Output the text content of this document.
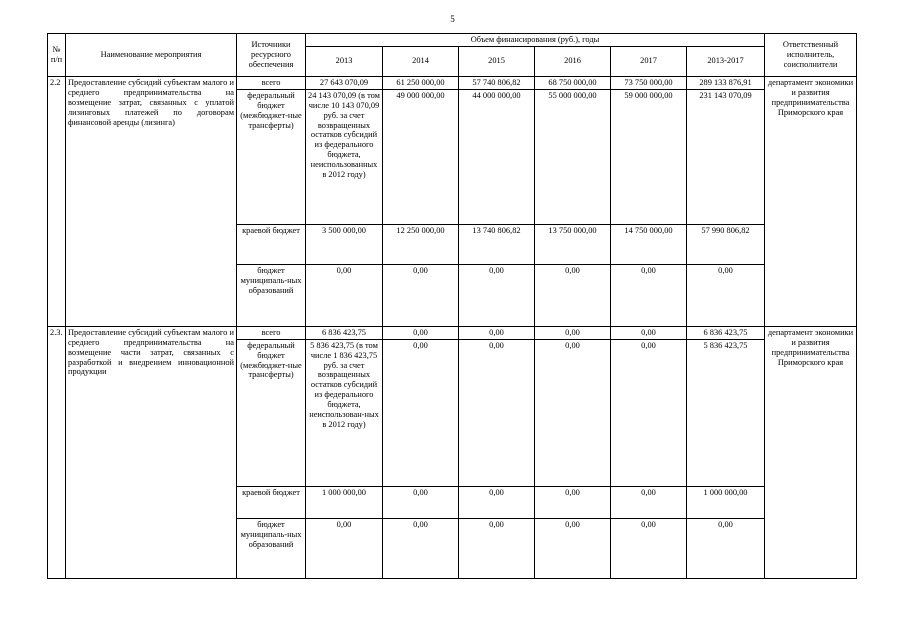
5
№ п/п	Наименование мероприятия	Источники ресурсного обеспечения	Объем финансирования (руб.), годы						Ответственный исполнитель, соисполнители
			2013	2014	2015	2016	2017	2013-2017	
2.2	Предоставление субсидий субъектам малого и среднего предпринимательства на возмещение затрат, связанных с уплатой лизинговых платежей по договорам финансовой аренды (лизинга)	всего	27 643 070,09	61 250 000,00	57 740 806,82	68 750 000,00	73 750 000,00	289 133 876,91	департамент экономики и развития предпринимательства Приморского края
		федеральный бюджет (межбюджет-ные трансферты)	24 143 070,09 (в том числе 10 143 070,09 руб. за счет возвращенных остатков субсидий из федерального бюджета, неиспользованных в 2012 году)	49 000 000,00	44 000 000,00	55 000 000,00	59 000 000,00	231 143 070,09	
		краевой бюджет	3 500 000,00	12 250 000,00	13 740 806,82	13 750 000,00	14 750 000,00	57 990 806,82	
		бюджет муниципаль-ных образований	0,00	0,00	0,00	0,00	0,00	0,00	
2.3.	Предоставление субсидий субъектам малого и среднего предпринимательства на возмещение части затрат, связанных с разработкой и внедрением инновационной продукции	всего	6 836 423,75	0,00	0,00	0,00	0,00	6 836 423,75	департамент экономики и развития предпринимательства Приморского края
		федеральный бюджет (межбюджет-ные трансферты)	5 836 423,75 (в том числе 1 836 423,75 руб. за счет возвращенных остатков субсидий из федерального бюджета, неиспользован-ных в 2012 году)	0,00	0,00	0,00	0,00	5 836 423,75	
		краевой бюджет	1 000 000,00	0,00	0,00	0,00	0,00	1 000 000,00	
		бюджет муниципаль-ных образований	0,00	0,00	0,00	0,00	0,00	0,00	
